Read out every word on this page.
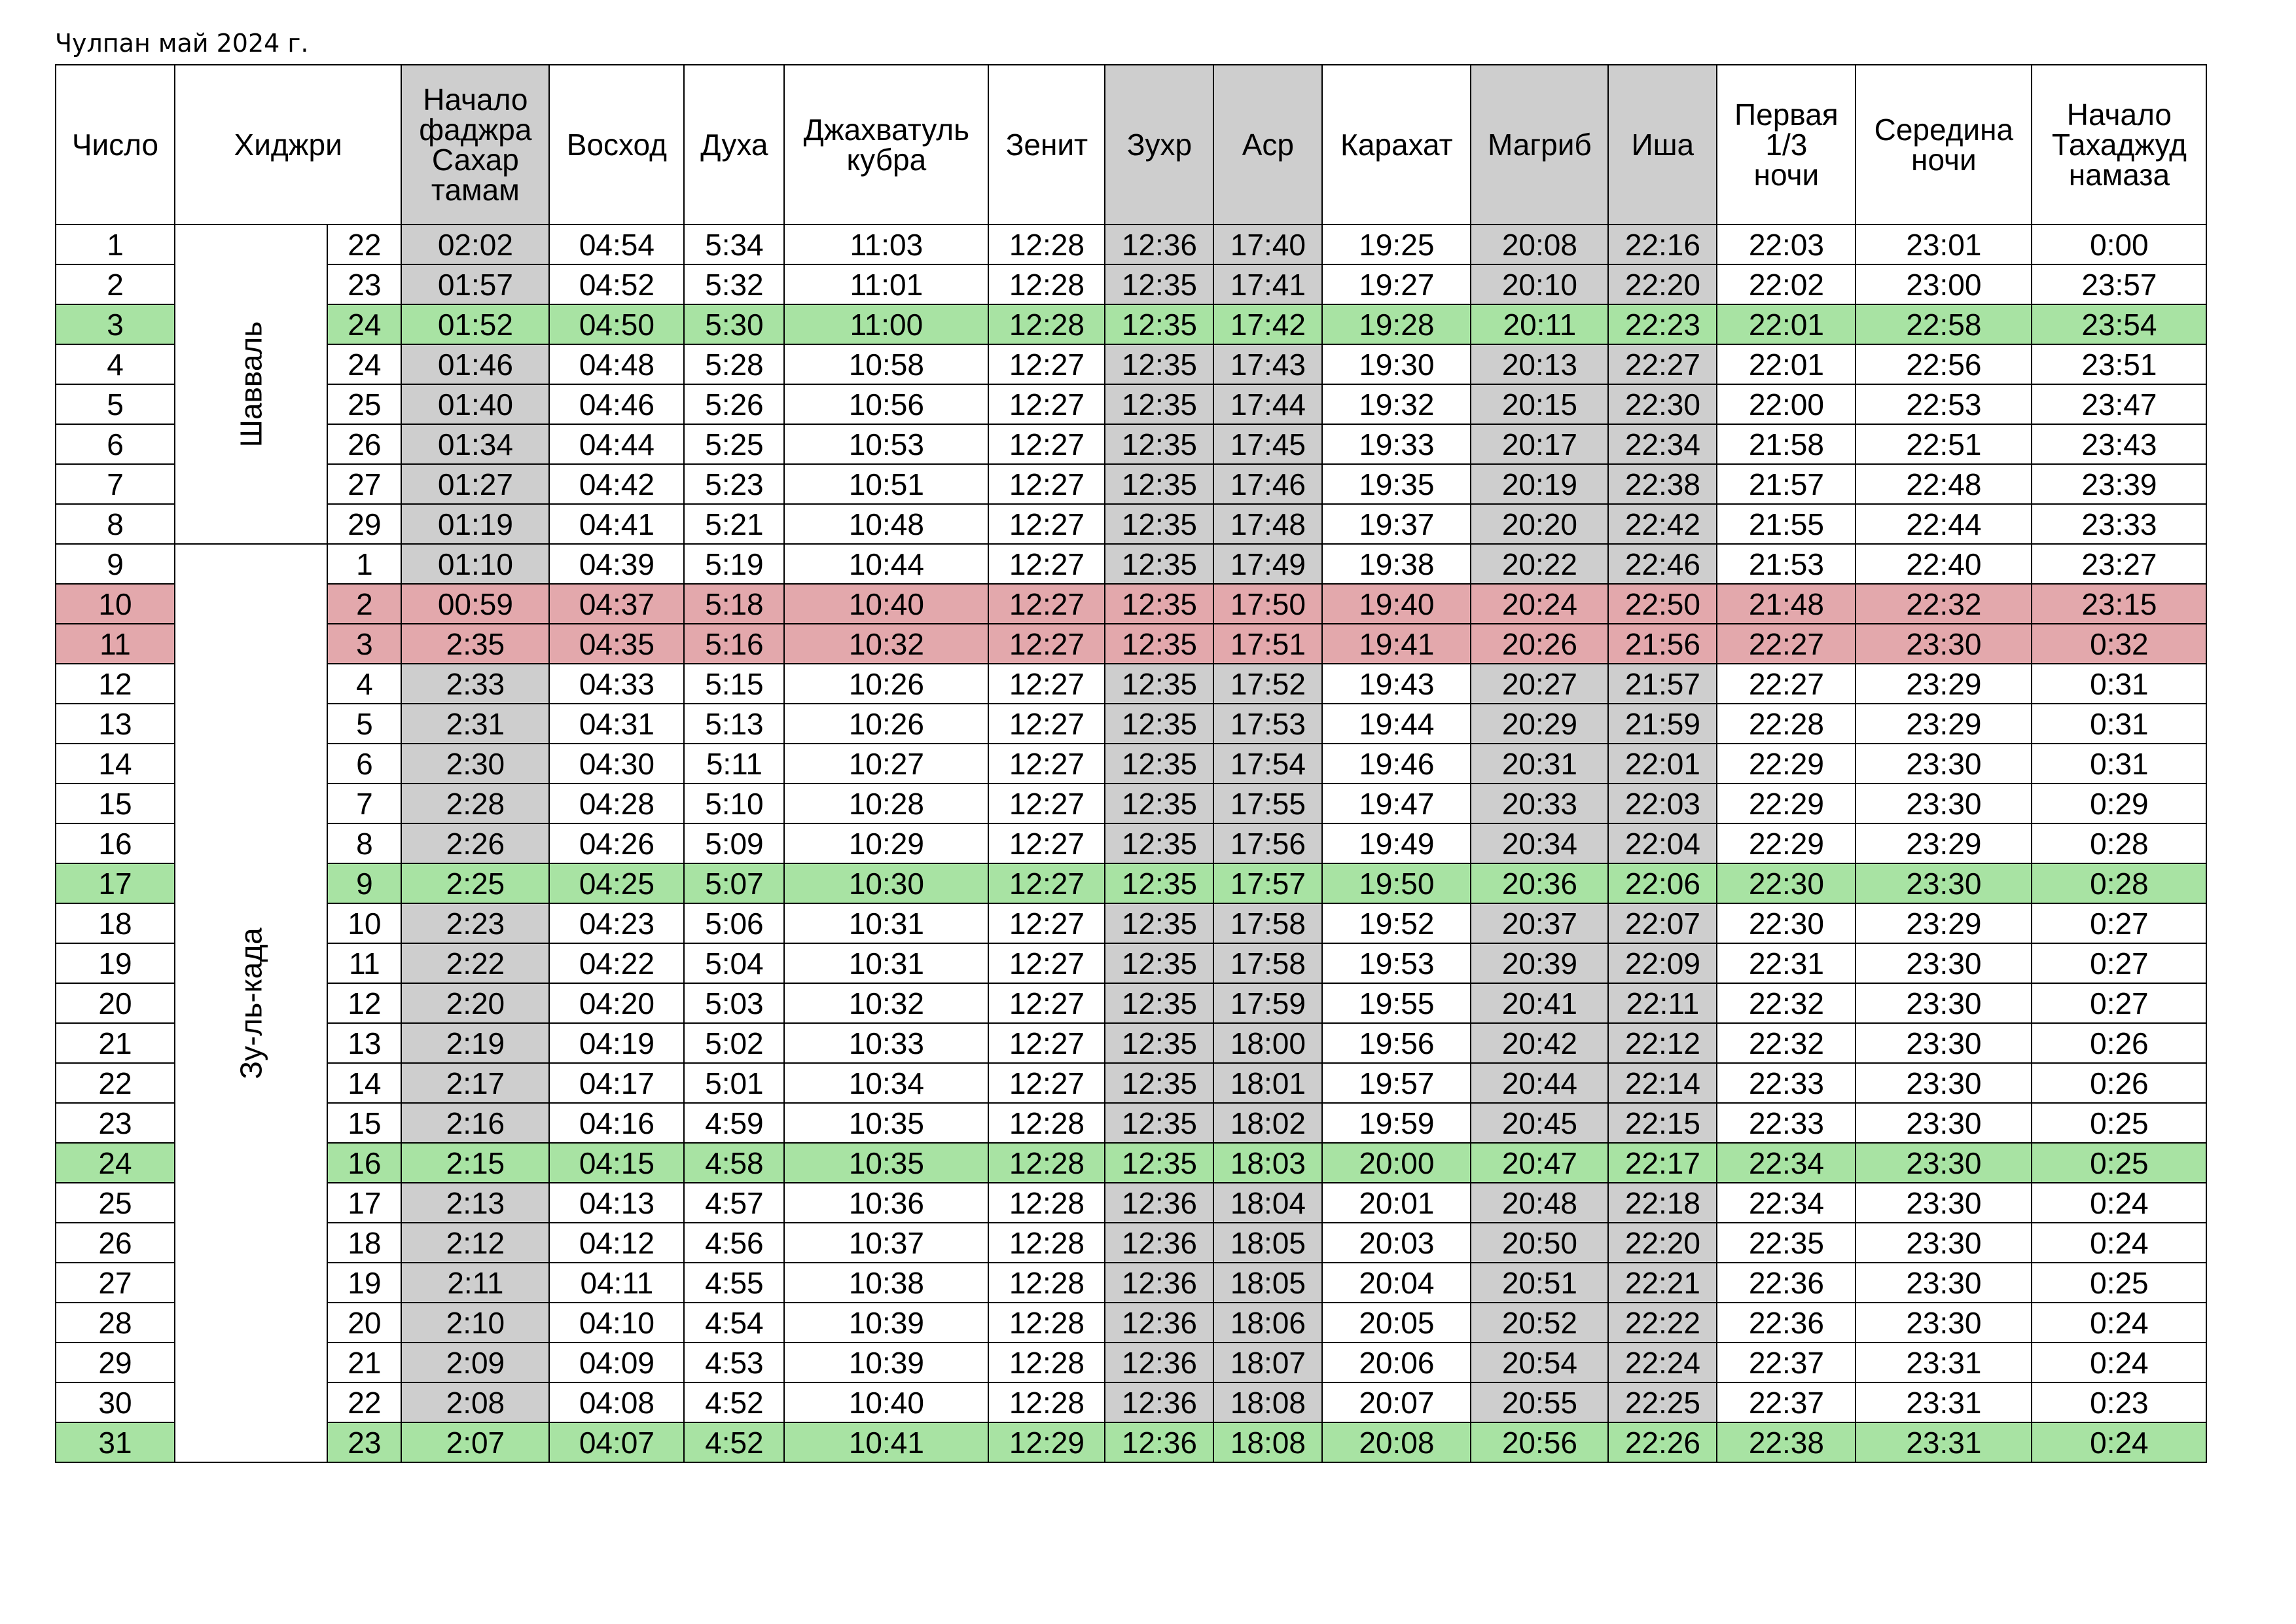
Чулпан май 2024 г.
Число	Хиджри		Начало
фаджра
Сахар
тамам	Восход	Духа	Джахватуль
кубра	Зенит	Зухр	Аср	Карахат	Магриб	Иша	Первая
1/3
ночи	Середина
ночи	Начало
Тахаджуд
намаза
1	Шавваль	22	02:02	04:54	5:34	11:03	12:28	12:36	17:40	19:25	20:08	22:16	22:03	23:01	0:00
2		23	01:57	04:52	5:32	11:01	12:28	12:35	17:41	19:27	20:10	22:20	22:02	23:00	23:57
3		24	01:52	04:50	5:30	11:00	12:28	12:35	17:42	19:28	20:11	22:23	22:01	22:58	23:54
4		24	01:46	04:48	5:28	10:58	12:27	12:35	17:43	19:30	20:13	22:27	22:01	22:56	23:51
5		25	01:40	04:46	5:26	10:56	12:27	12:35	17:44	19:32	20:15	22:30	22:00	22:53	23:47
6		26	01:34	04:44	5:25	10:53	12:27	12:35	17:45	19:33	20:17	22:34	21:58	22:51	23:43
7		27	01:27	04:42	5:23	10:51	12:27	12:35	17:46	19:35	20:19	22:38	21:57	22:48	23:39
8		29	01:19	04:41	5:21	10:48	12:27	12:35	17:48	19:37	20:20	22:42	21:55	22:44	23:33
9	Зу-ль-када	1	01:10	04:39	5:19	10:44	12:27	12:35	17:49	19:38	20:22	22:46	21:53	22:40	23:27
10		2	00:59	04:37	5:18	10:40	12:27	12:35	17:50	19:40	20:24	22:50	21:48	22:32	23:15
11		3	2:35	04:35	5:16	10:32	12:27	12:35	17:51	19:41	20:26	21:56	22:27	23:30	0:32
12		4	2:33	04:33	5:15	10:26	12:27	12:35	17:52	19:43	20:27	21:57	22:27	23:29	0:31
13		5	2:31	04:31	5:13	10:26	12:27	12:35	17:53	19:44	20:29	21:59	22:28	23:29	0:31
14		6	2:30	04:30	5:11	10:27	12:27	12:35	17:54	19:46	20:31	22:01	22:29	23:30	0:31
15		7	2:28	04:28	5:10	10:28	12:27	12:35	17:55	19:47	20:33	22:03	22:29	23:30	0:29
16		8	2:26	04:26	5:09	10:29	12:27	12:35	17:56	19:49	20:34	22:04	22:29	23:29	0:28
17		9	2:25	04:25	5:07	10:30	12:27	12:35	17:57	19:50	20:36	22:06	22:30	23:30	0:28
18		10	2:23	04:23	5:06	10:31	12:27	12:35	17:58	19:52	20:37	22:07	22:30	23:29	0:27
19		11	2:22	04:22	5:04	10:31	12:27	12:35	17:58	19:53	20:39	22:09	22:31	23:30	0:27
20		12	2:20	04:20	5:03	10:32	12:27	12:35	17:59	19:55	20:41	22:11	22:32	23:30	0:27
21		13	2:19	04:19	5:02	10:33	12:27	12:35	18:00	19:56	20:42	22:12	22:32	23:30	0:26
22		14	2:17	04:17	5:01	10:34	12:27	12:35	18:01	19:57	20:44	22:14	22:33	23:30	0:26
23		15	2:16	04:16	4:59	10:35	12:28	12:35	18:02	19:59	20:45	22:15	22:33	23:30	0:25
24		16	2:15	04:15	4:58	10:35	12:28	12:35	18:03	20:00	20:47	22:17	22:34	23:30	0:25
25		17	2:13	04:13	4:57	10:36	12:28	12:36	18:04	20:01	20:48	22:18	22:34	23:30	0:24
26		18	2:12	04:12	4:56	10:37	12:28	12:36	18:05	20:03	20:50	22:20	22:35	23:30	0:24
27		19	2:11	04:11	4:55	10:38	12:28	12:36	18:05	20:04	20:51	22:21	22:36	23:30	0:25
28		20	2:10	04:10	4:54	10:39	12:28	12:36	18:06	20:05	20:52	22:22	22:36	23:30	0:24
29		21	2:09	04:09	4:53	10:39	12:28	12:36	18:07	20:06	20:54	22:24	22:37	23:31	0:24
30		22	2:08	04:08	4:52	10:40	12:28	12:36	18:08	20:07	20:55	22:25	22:37	23:31	0:23
31		23	2:07	04:07	4:52	10:41	12:29	12:36	18:08	20:08	20:56	22:26	22:38	23:31	0:24
